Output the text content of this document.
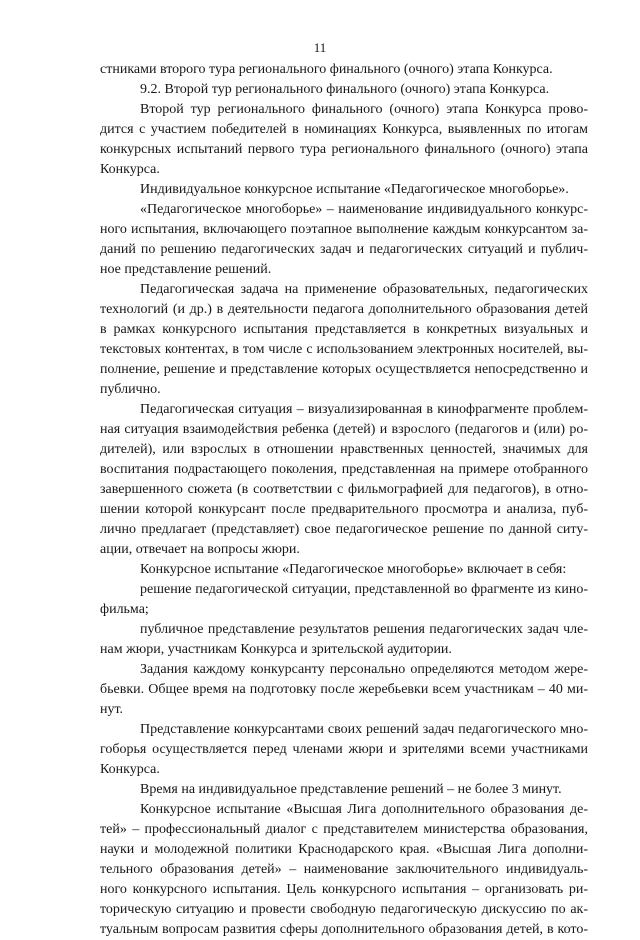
11
стниками второго тура регионального финального (очного) этапа Конкурса.
9.2. Второй тур регионального финального (очного) этапа Конкурса.
Второй тур регионального финального (очного) этапа Конкурса прово-
дится с участием победителей в номинациях Конкурса, выявленных по итогам
конкурсных испытаний первого тура регионального финального (очного) этапа
Конкурса.
Индивидуальное конкурсное испытание «Педагогическое многоборье».
«Педагогическое многоборье» – наименование индивидуального конкурс-
ного испытания, включающего поэтапное выполнение каждым конкурсантом за-
даний по решению педагогических задач и педагогических ситуаций и публич-
ное представление решений.
Педагогическая задача на применение образовательных, педагогических
технологий (и др.) в деятельности педагога дополнительного образования детей
в рамках конкурсного испытания представляется в конкретных визуальных и
текстовых контентах, в том числе с использованием электронных носителей, вы-
полнение, решение и представление которых осуществляется непосредственно и
публично.
Педагогическая ситуация – визуализированная в кинофрагменте проблем-
ная ситуация взаимодействия ребенка (детей) и взрослого (педагогов и (или) ро-
дителей), или взрослых в отношении нравственных ценностей, значимых для
воспитания подрастающего поколения, представленная на примере отобранного
завершенного сюжета (в соответствии с фильмографией для педагогов), в отно-
шении которой конкурсант после предварительного просмотра и анализа, пуб-
лично предлагает (представляет) свое педагогическое решение по данной ситу-
ации, отвечает на вопросы жюри.
Конкурсное испытание «Педагогическое многоборье» включает в себя:
решение педагогической ситуации, представленной во фрагменте из кино-
фильма;
публичное представление результатов решения педагогических задач чле-
нам жюри, участникам Конкурса и зрительской аудитории.
Задания каждому конкурсанту персонально определяются методом жере-
бьевки. Общее время на подготовку после жеребьевки всем участникам – 40 ми-
нут.
Представление конкурсантами своих решений задач педагогического мно-
гоборья осуществляется перед членами жюри и зрителями всеми участниками
Конкурса.
Время на индивидуальное представление решений – не более 3 минут.
Конкурсное испытание «Высшая Лига дополнительного образования де-
тей» – профессиональный диалог с представителем министерства образования,
науки и молодежной политики Краснодарского края. «Высшая Лига дополни-
тельного образования детей» – наименование заключительного индивидуаль-
ного конкурсного испытания. Цель конкурсного испытания – организовать ри-
торическую ситуацию и провести свободную педагогическую дискуссию по ак-
туальным вопросам развития сферы дополнительного образования детей, в кото-
